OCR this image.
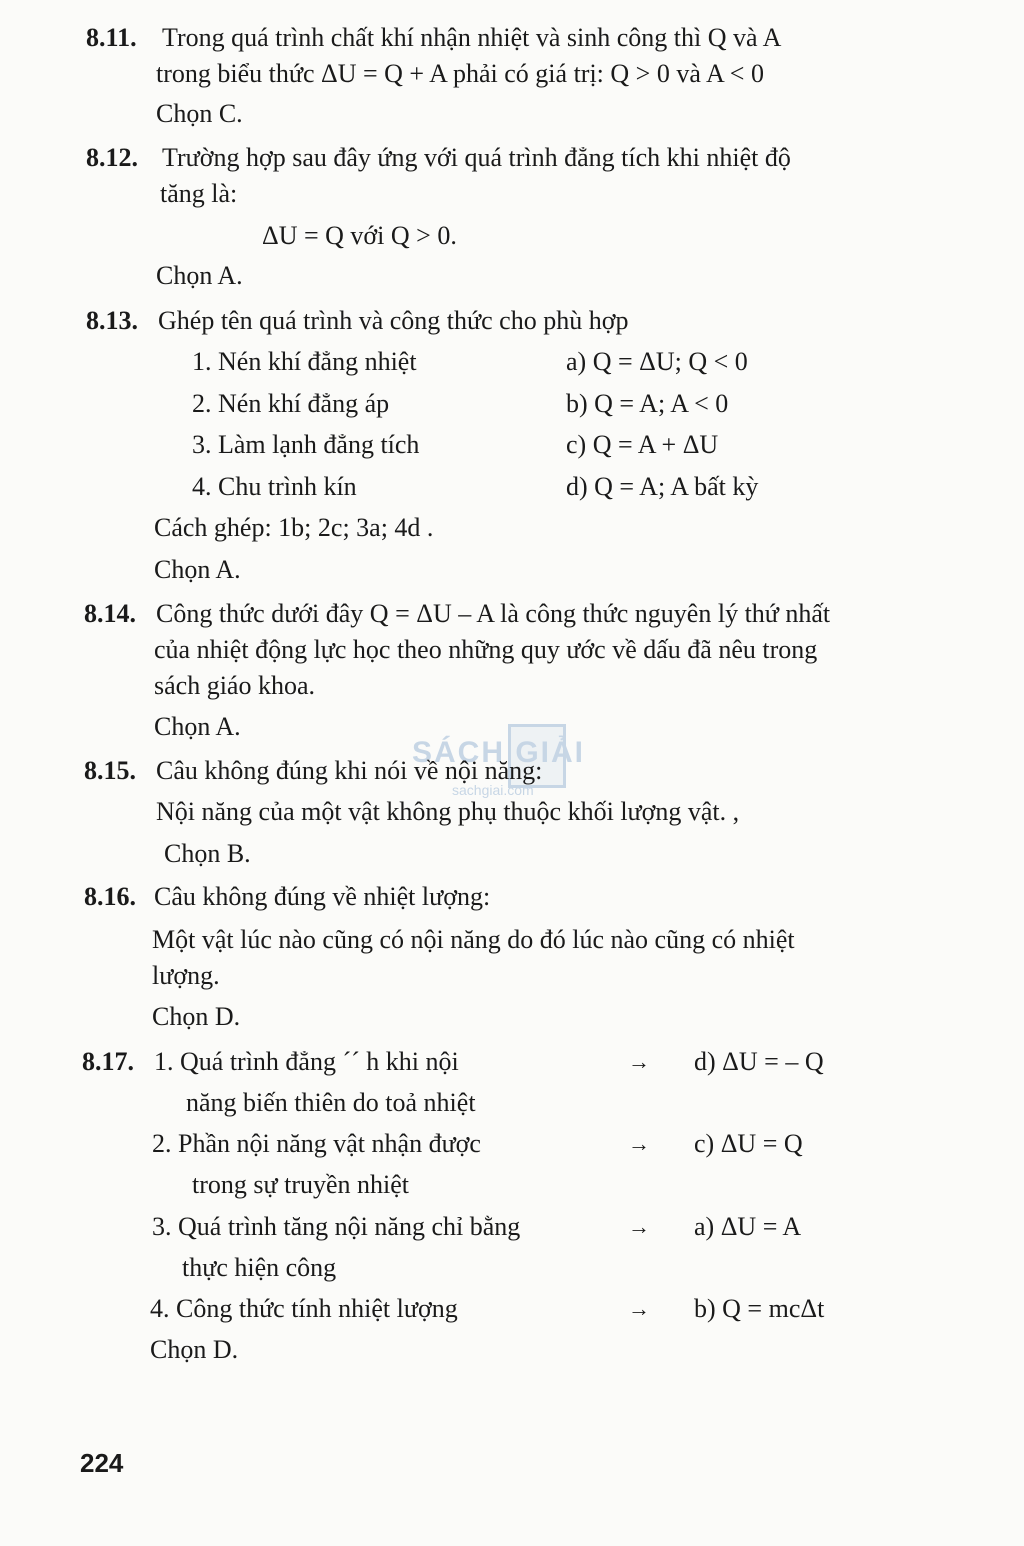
8.11. Trong quá trình chất khí nhận nhiệt và sinh công thì Q và A
trong biểu thức ΔU = Q + A phải có giá trị: Q > 0 và A < 0
Chọn C.
8.12. Trường hợp sau đây ứng với quá trình đẳng tích khi nhiệt độ
tăng là:
ΔU = Q với Q > 0.
Chọn A.
8.13. Ghép tên quá trình và công thức cho phù hợp
1. Nén khí đẳng nhiệt	a) Q = ΔU; Q < 0
2. Nén khí đẳng áp	b) Q = A; A < 0
3. Làm lạnh đẳng tích	c) Q = A + ΔU
4. Chu trình kín	d) Q = A; A bất kỳ
Cách ghép: 1b; 2c; 3a; 4d .
Chọn A.
8.14. Công thức dưới đây Q = ΔU – A là công thức nguyên lý thứ nhất
của nhiệt động lực học theo những quy ước về dấu đã nêu trong
sách giáo khoa.
Chọn A.
SÁCH GIẢI
sachgiai.com
8.15. Câu không đúng khi nói về nội năng:
Nội năng của một vật không phụ thuộc khối lượng vật. ,
Chọn B.
8.16. Câu không đúng về nhiệt lượng:
Một vật lúc nào cũng có nội năng do đó lúc nào cũng có nhiệt
lượng.
Chọn D.
8.17. 1. Quá trình đẳng ´´ h khi nội	→ d) ΔU = – Q
năng biến thiên do toả nhiệt
2. Phần nội năng vật nhận được	→ c) ΔU = Q
trong sự truyền nhiệt
3. Quá trình tăng nội năng chỉ bằng	→ a) ΔU = A
thực hiện công
4. Công thức tính nhiệt lượng	→ b) Q = mcΔt
Chọn D.
224
